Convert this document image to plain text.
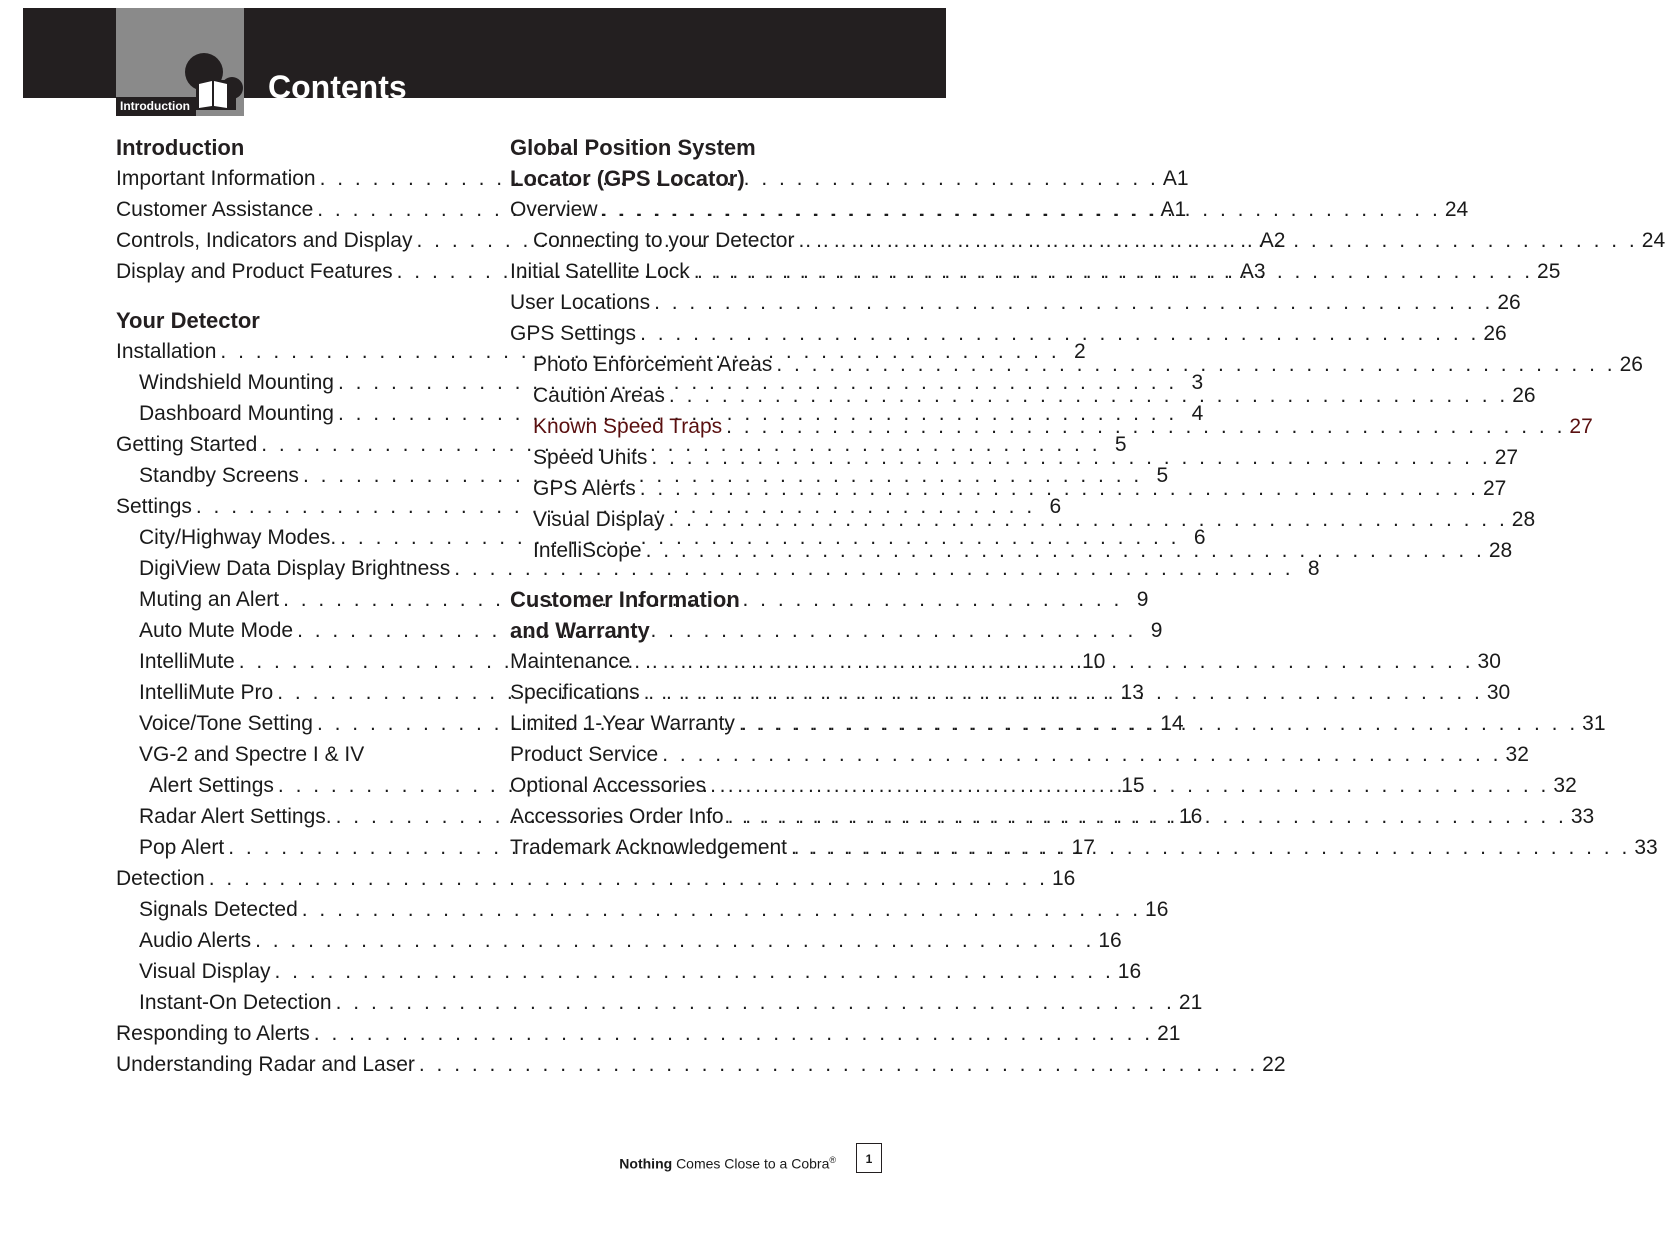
Introduction
Contents
Introduction
Important Information . . .	A1
Customer Assistance . . .	A1
Controls, Indicators and Display . . .	A2
Display and Product Features . . .	A3
Your Detector
Installation . . .	2
Windshield Mounting . . .	3
Dashboard Mounting . . .	4
Getting Started . . .	5
Standby Screens . . .	5
Settings . . .	6
City/Highway Modes. . . .	6
DigiView Data Display Brightness . . .	8
Muting an Alert . . .	9
Auto Mute Mode . . .	9
IntelliMute . . .	10
IntelliMute Pro . . .	13
Voice/Tone Setting . . .	14
VG-2 and Spectre I & IV
Alert Settings . . .	15
Radar Alert Settings. . . .	16
Pop Alert . . .	17
Detection . . .	16
Signals Detected . . .	16
Audio Alerts . . .	16
Visual Display . . .	16
Instant-On Detection . . .	21
Responding to Alerts . . .	21
Understanding Radar and Laser . . .	22
Global Position System
Locator (GPS Locator)
Overview . . .	24
Connecting to your Detector . . .	24
Initial Satellite Lock . . .	25
User Locations . . .	26
GPS Settings . . .	26
Photo Enforcement Areas . . .	26
Caution Areas . . .	26
Known Speed Traps . . .	27
Speed Units . . .	27
GPS Alerts . . .	27
Visual Display . . .	28
IntelliScope . . .	28
Customer Information
and Warranty
Maintenance . . .	30
Specifications . . .	30
Limited 1-Year Warranty . . .	31
Product Service . . .	32
Optional Accessories . . .	32
Accessories Order Info . . .	33
Trademark Acknowledgement . . .	33
Nothing Comes Close to a Cobra®	1
